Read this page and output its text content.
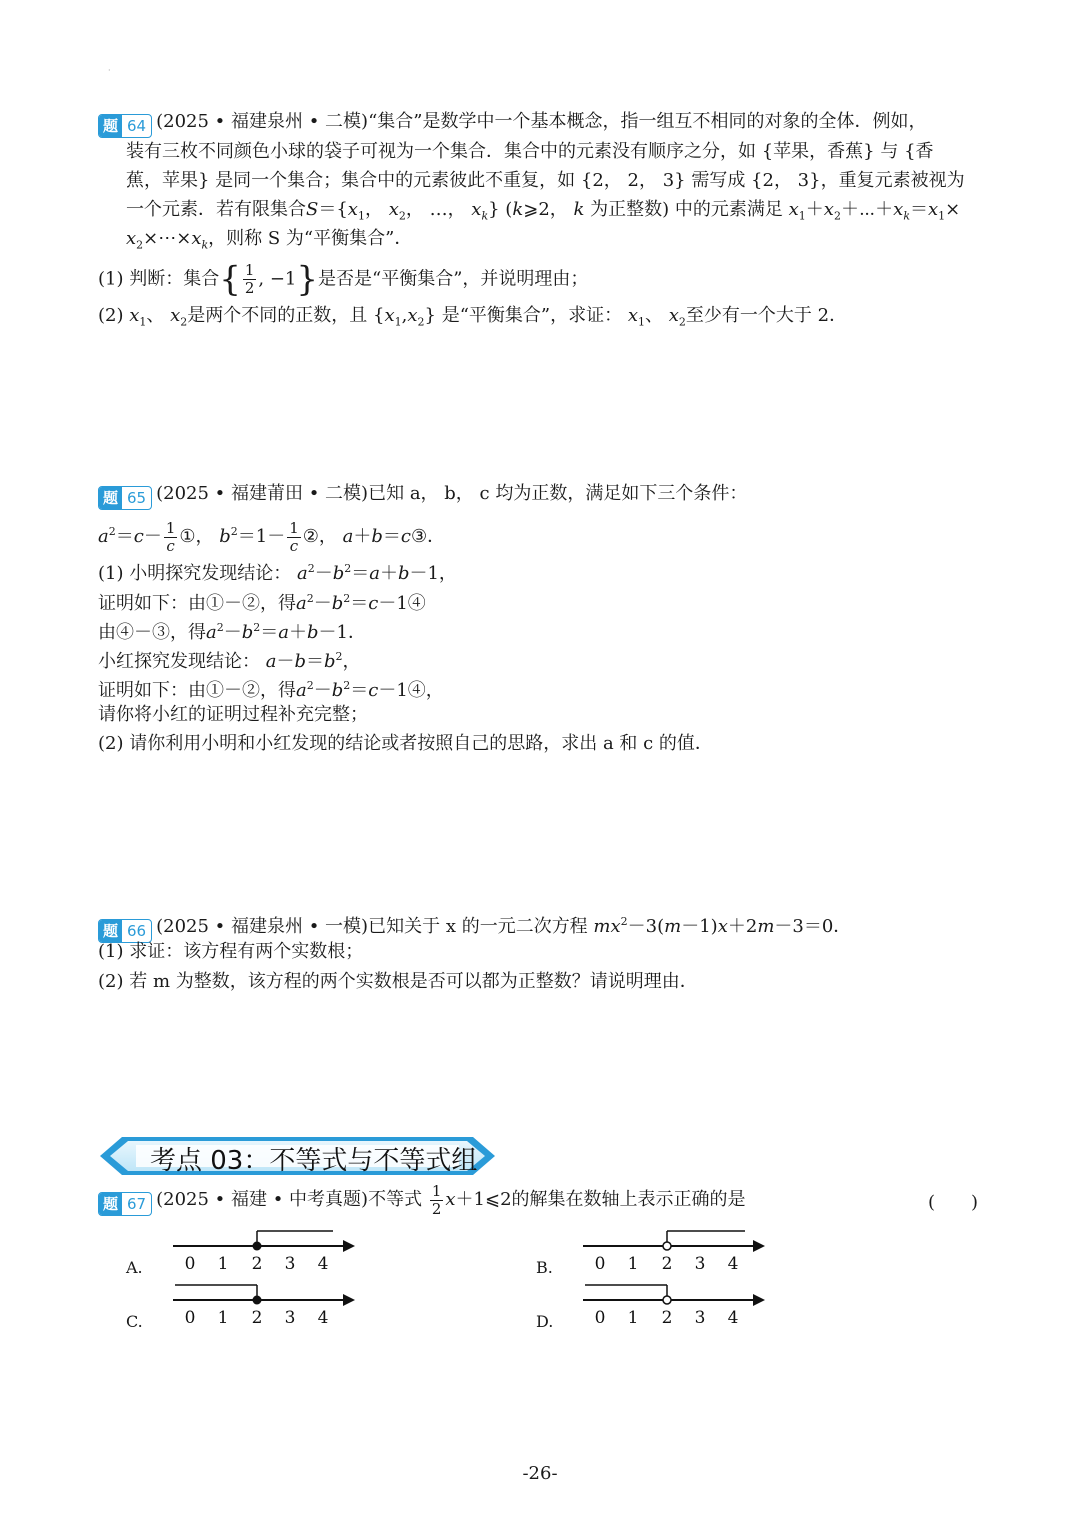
·
题 64 (2025 • 福建泉州 • 二模)“集合”是数学中一个基本概念，指一组互不相同的对象的全体．例如，
装有三枚不同颜色小球的袋子可视为一个集合．集合中的元素没有顺序之分，如 {苹果，香蕉} 与 {香
蕉，苹果} 是同一个集合；集合中的元素彼此不重复，如 {2， 2， 3} 需写成 {2， 3}，重复元素被视为
一个元素．若有限集合$S=\{x_1$， $x_2$， …， $x_k$} (k⩾2， k 为正整数) 中的元素满足 $x_1+x_2+\cdots+x_k=x_1\times$
$x_2\times\cdots\times x_k$，则称 S 为“平衡集合”．
(1) 判断：集合{ $\frac{1}{2}$ , −1}是否是“平衡集合”，并说明理由；
(2) $x_1$、 $x_2$是两个不同的正数，且 $\{x_1,x_2\}$ 是“平衡集合”，求证： $x_1$、 $x_2$至少有一个大于 2．
题 65 (2025 • 福建莆田 • 二模)已知 a， b， c 均为正数，满足如下三个条件：
$a^2=c- \frac{1}{c}$ ①， $b^2=1- \frac{1}{c}$ ②， a＋b＝c③．
(1) 小明探究发现结论： $a^2-b^2=a+b-1$，
证明如下：由①－②，得$a^2-b^2=c-1④$
由④－③，得$a^2-b^2=a+b-1$．
小红探究发现结论： $a-b=b^2$，
证明如下：由①－②，得$a^2-b^2=c-1④$，
请你将小红的证明过程补充完整；
(2) 请你利用小明和小红发现的结论或者按照自己的思路，求出 a 和 c 的值．
题 66 (2025 • 福建泉州 • 一模)已知关于 x 的一元二次方程 $mx^2-3(m-1)x+2m-3=0$．
(1) 求证：该方程有两个实数根；
(2) 若 m 为整数，该方程的两个实数根是否可以都为正整数？请说明理由．
考点 03：不等式与不等式组
题 67 (2025 • 福建 • 中考真题)不等式 $\frac{1}{2}$ x＋1⩽2的解集在数轴上表示正确的是	(　　)
A.	B.
C.	D.
0 1 2 3 4	0 1 2 3 4
0 1 2 3 4	0 1 2 3 4
-26-
